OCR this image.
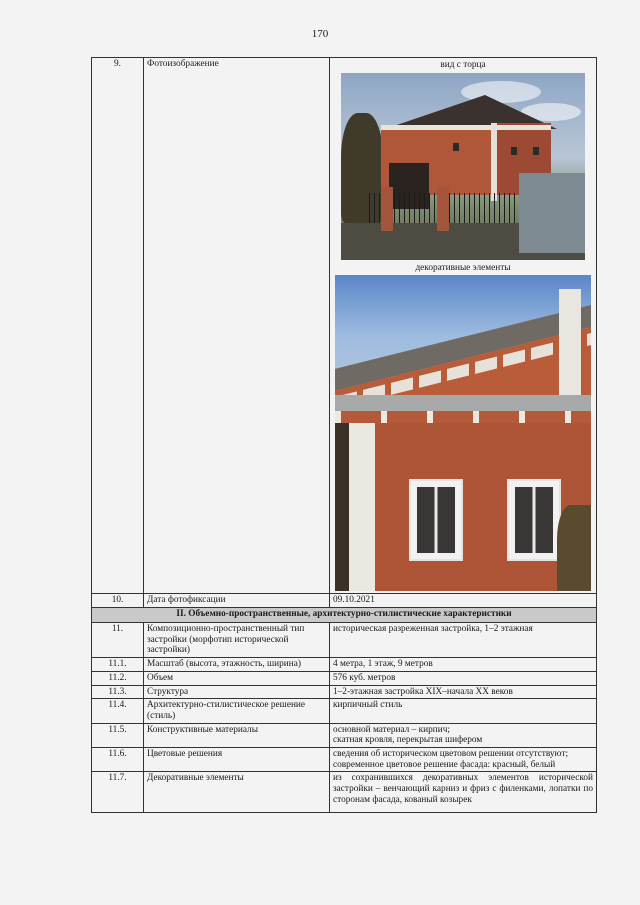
170
9.	Фотоизображение	вид с торца
декоративные элементы

10.	Дата фотофиксации	09.10.2021
II. Объемно-пространственные, архитектурно-стилистические характеристики		
11.	Композиционно-пространственный тип застройки (морфотип исторической застройки)	историческая разреженная застройка, 1–2 этажная
11.1.	Масштаб (высота, этажность, ширина)	4 метра, 1 этаж, 9 метров
11.2.	Объем	576 куб. метров
11.3.	Структура	1–2-этажная застройка XIX–начала XX веков
11.4.	Архитектурно-стилистическое решение (стиль)	кирпичный стиль
11.5.	Конструктивные материалы	основной материал – кирпич;
скатная кровля, перекрытая шифером

11.6.	Цветовые решения	сведения об историческом цветовом решении отсутствуют;
современное цветовое решение фасада: красный, белый

11.7.	Декоративные элементы	из сохранившихся декоративных элементов исторической застройки – венчающий карниз и фриз с филенками, лопатки по сторонам фасада, кованый козырек
